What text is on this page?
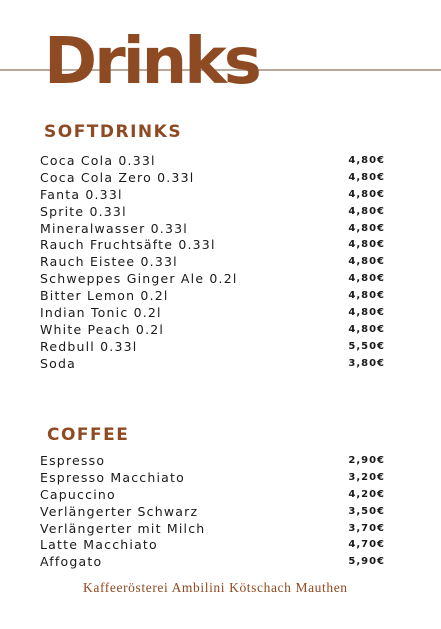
Drinks
SOFTDRINKS
Coca Cola 0.33l	4,80€
Coca Cola Zero 0.33l	4,80€
Fanta 0.33l	4,80€
Sprite 0.33l	4,80€
Mineralwasser 0.33l	4,80€
Rauch Fruchtsäfte 0.33l	4,80€
Rauch Eistee 0.33l	4,80€
Schweppes Ginger Ale 0.2l	4,80€
Bitter Lemon 0.2l	4,80€
Indian Tonic 0.2l	4,80€
White Peach 0.2l	4,80€
Redbull 0.33l	5,50€
Soda	3,80€
COFFEE
Espresso	2,90€
Espresso Macchiato	3,20€
Capuccino	4,20€
Verlängerter Schwarz	3,50€
Verlängerter mit Milch	3,70€
Latte Macchiato	4,70€
Affogato	5,90€

Kaffeerösterei Ambilini Kötschach Mauthen
